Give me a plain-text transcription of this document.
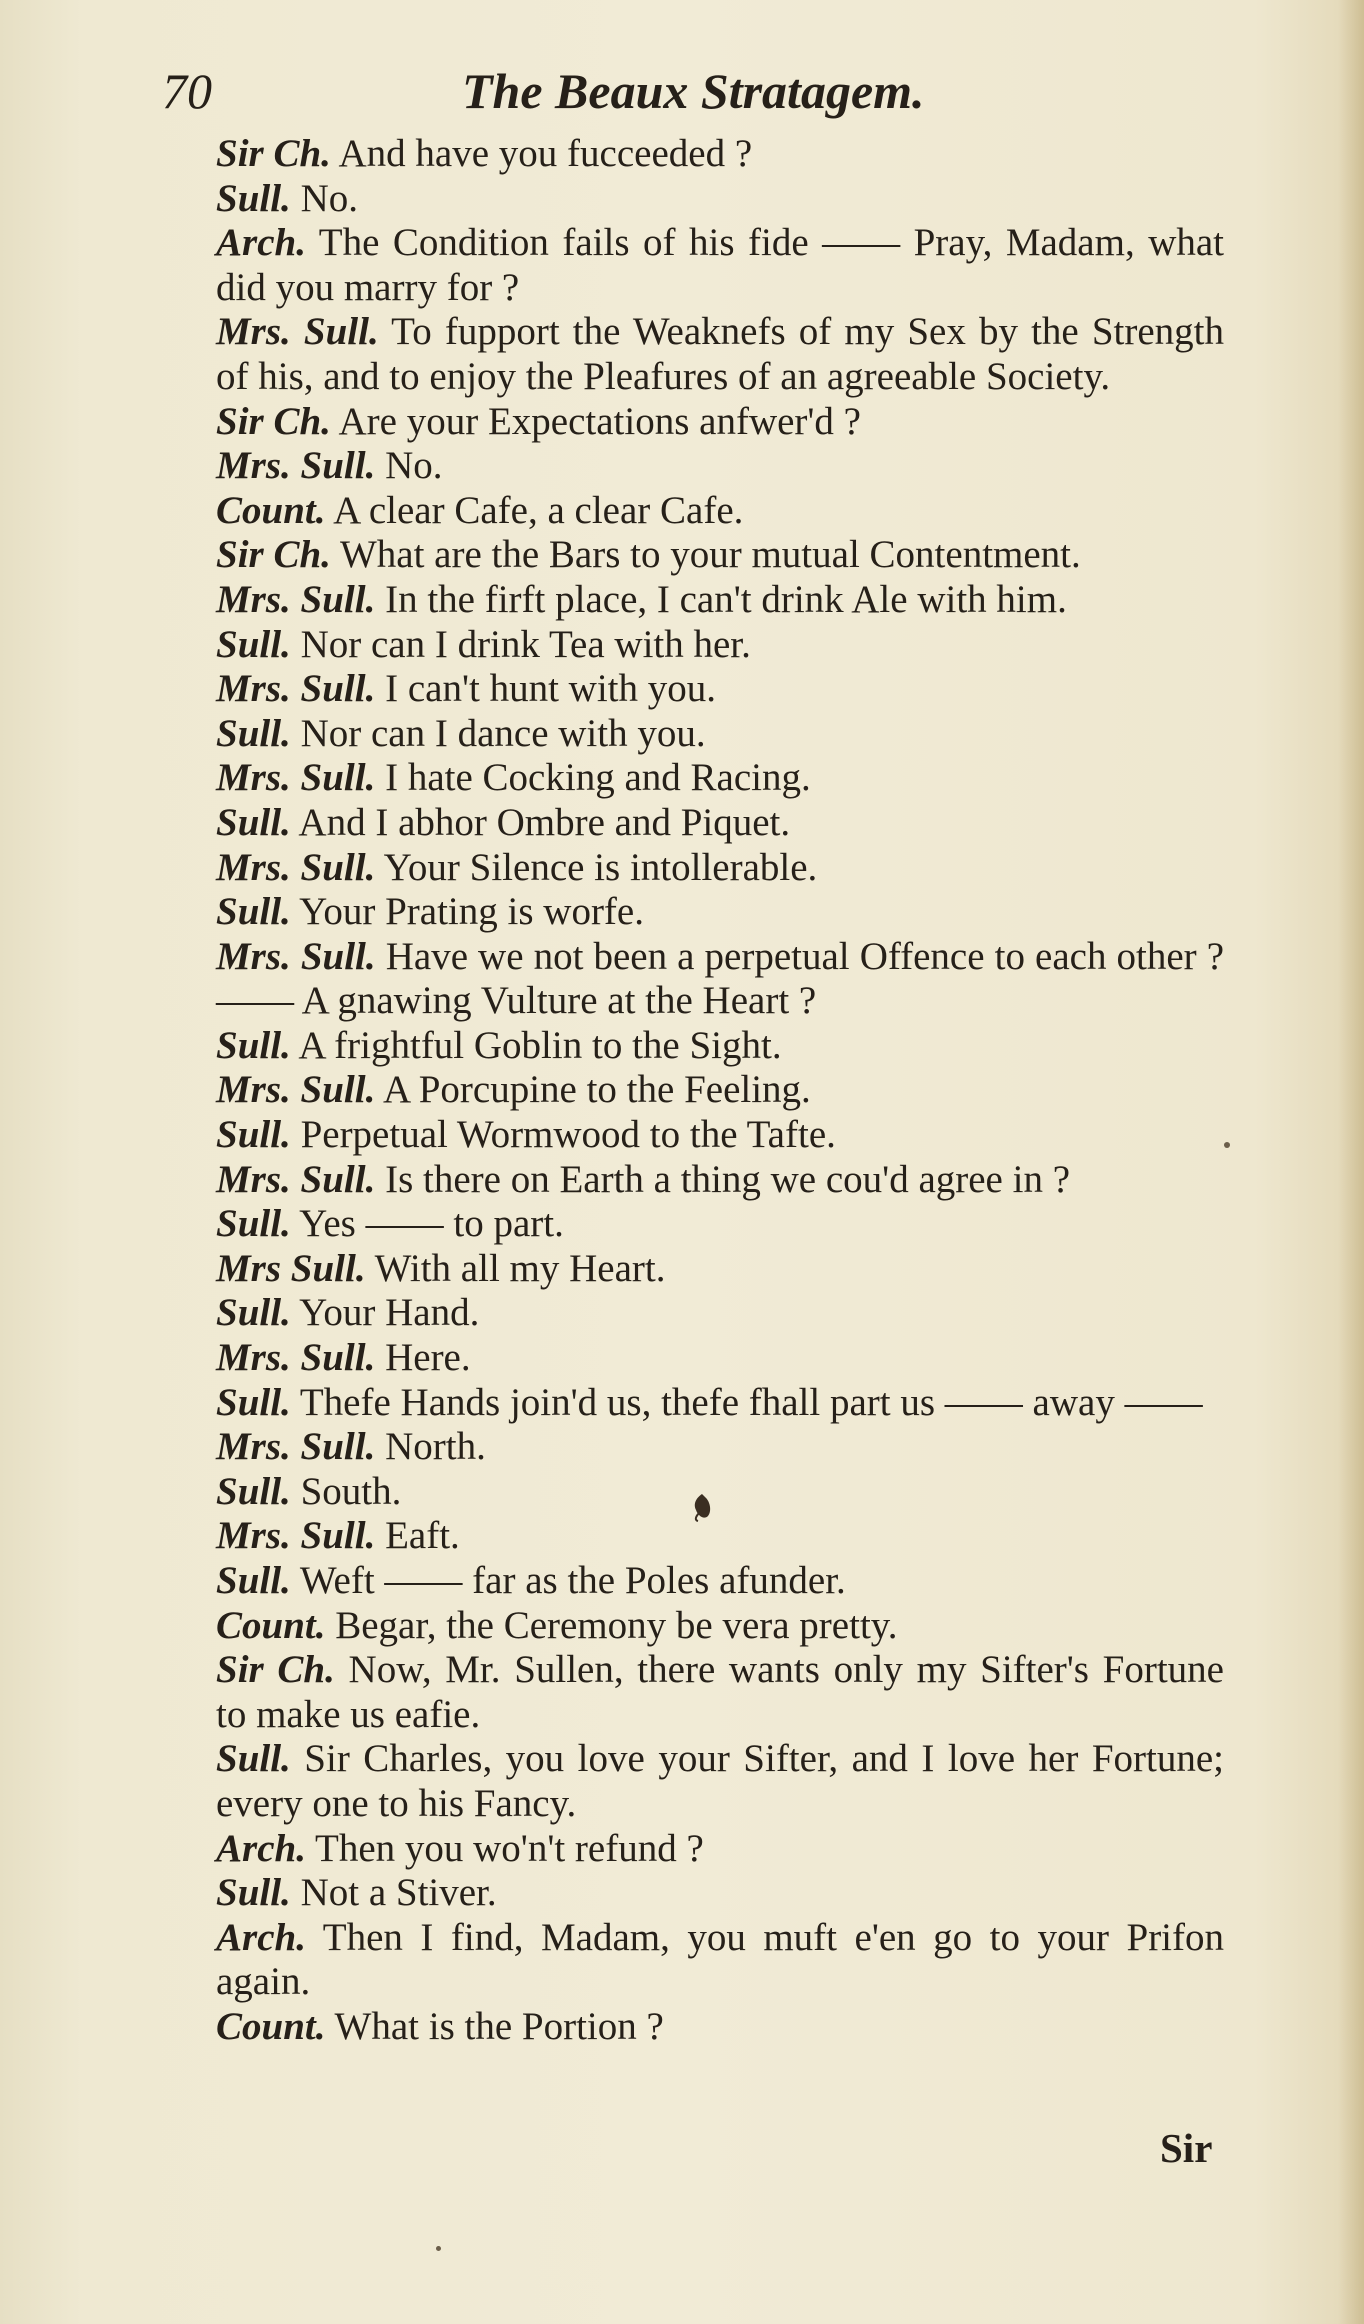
70	The Beaux Stratagem.

Sir Ch. And have you fucceeded ?

Sull. No.

Arch. The Condition fails of his fide —— Pray, Madam, what did you marry for ?

Mrs. Sull. To fupport the Weaknefs of my Sex by the Strength of his, and to enjoy the Pleafures of an agreeable Society.

Sir Ch. Are your Expectations anfwer'd ?

Mrs. Sull. No.

Count. A clear Cafe, a clear Cafe.

Sir Ch. What are the Bars to your mutual Contentment.

Mrs. Sull. In the firft place, I can't drink Ale with him.

Sull. Nor can I drink Tea with her.

Mrs. Sull. I can't hunt with you.

Sull. Nor can I dance with you.

Mrs. Sull. I hate Cocking and Racing.

Sull. And I abhor Ombre and Piquet.

Mrs. Sull. Your Silence is intollerable.

Sull. Your Prating is worfe.

Mrs. Sull. Have we not been a perpetual Offence to each other ? —— A gnawing Vulture at the Heart ?

Sull. A frightful Goblin to the Sight.

Mrs. Sull. A Porcupine to the Feeling.

Sull. Perpetual Wormwood to the Tafte.

Mrs. Sull. Is there on Earth a thing we cou'd agree in ?

Sull. Yes —— to part.

Mrs Sull. With all my Heart.

Sull. Your Hand.

Mrs. Sull. Here.

Sull. Thefe Hands join'd us, thefe fhall part us —— away ——

Mrs. Sull. North.

Sull. South.

Mrs. Sull. Eaft.

Sull. Weft —— far as the Poles afunder.

Count. Begar, the Ceremony be vera pretty.

Sir Ch. Now, Mr. Sullen, there wants only my Sifter's Fortune to make us eafie.

Sull. Sir Charles, you love your Sifter, and I love her Fortune; every one to his Fancy.

Arch. Then you wo'n't refund ?

Sull. Not a Stiver.

Arch. Then I find, Madam, you muft e'en go to your Prifon again.

Count. What is the Portion ?

Sir
